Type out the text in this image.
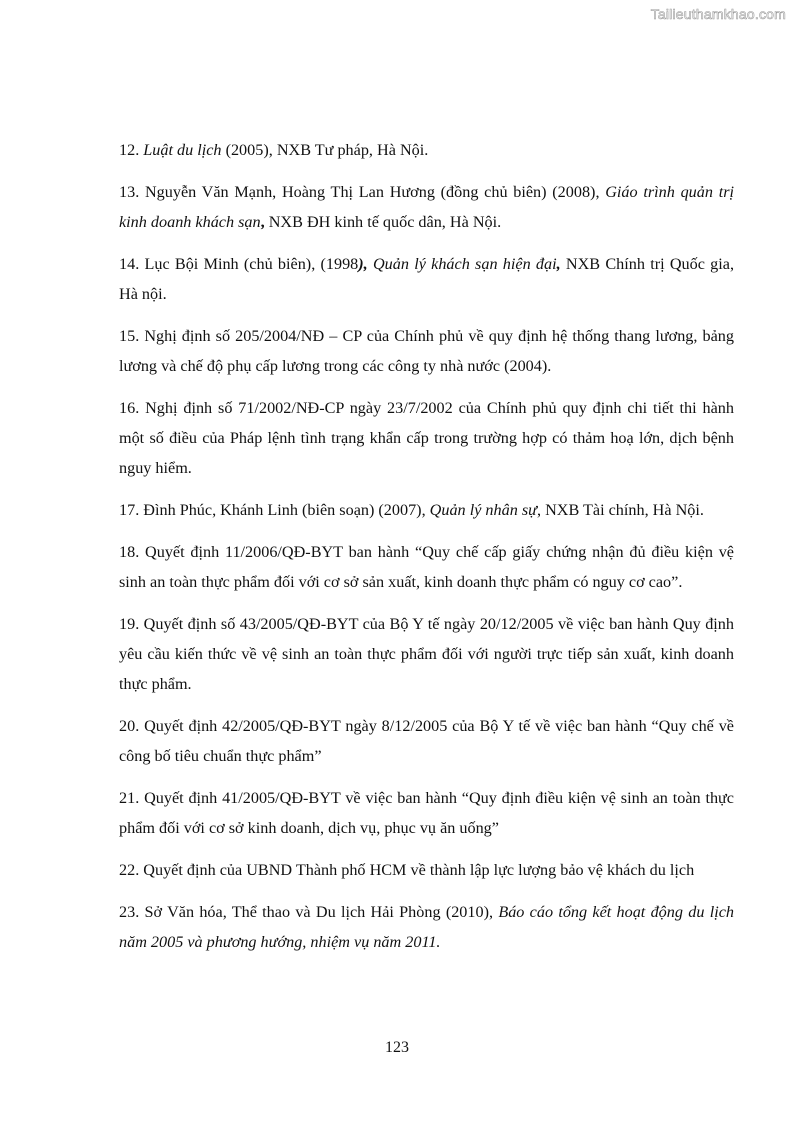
Tailieuthamkhao.com

12. Luật du lịch (2005), NXB Tư pháp, Hà Nội.

13. Nguyễn Văn Mạnh, Hoàng Thị Lan Hương (đồng chủ biên) (2008), Giáo trình quản trị kinh doanh khách sạn, NXB ĐH kinh tế quốc dân, Hà Nội.

14. Lục Bội Minh (chủ biên), (1998), Quản lý khách sạn hiện đại, NXB Chính trị Quốc gia, Hà nội.

15. Nghị định số 205/2004/NĐ – CP của Chính phủ về quy định hệ thống thang lương, bảng lương và chế độ phụ cấp lương trong các công ty nhà nước (2004).

16. Nghị định số 71/2002/NĐ-CP ngày 23/7/2002 của Chính phủ quy định chi tiết thi hành một số điều của Pháp lệnh tình trạng khẩn cấp trong trường hợp có thảm hoạ lớn, dịch bệnh nguy hiểm.

17. Đình Phúc, Khánh Linh (biên soạn) (2007), Quản lý nhân sự, NXB Tài chính, Hà Nội.

18. Quyết định 11/2006/QĐ-BYT ban hành “Quy chế cấp giấy chứng nhận đủ điều kiện vệ sinh an toàn thực phẩm đối với cơ sở sản xuất, kinh doanh thực phẩm có nguy cơ cao”.

19. Quyết định số 43/2005/QĐ-BYT của Bộ Y tế ngày 20/12/2005 về việc ban hành Quy định yêu cầu kiến thức về vệ sinh an toàn thực phẩm đối với người trực tiếp sản xuất, kinh doanh thực phẩm.

20. Quyết định 42/2005/QĐ-BYT ngày 8/12/2005 của Bộ Y tế về việc ban hành “Quy chế về công bố tiêu chuẩn thực phẩm”

21. Quyết định 41/2005/QĐ-BYT về việc ban hành “Quy định điều kiện vệ sinh an toàn thực phẩm đối với cơ sở kinh doanh, dịch vụ, phục vụ ăn uống”

22. Quyết định của UBND Thành phố HCM về thành lập lực lượng bảo vệ khách du lịch

23. Sở Văn hóa, Thể thao và Du lịch Hải Phòng (2010), Báo cáo tổng kết hoạt động du lịch năm 2005 và phương hướng, nhiệm vụ năm 2011.

123
